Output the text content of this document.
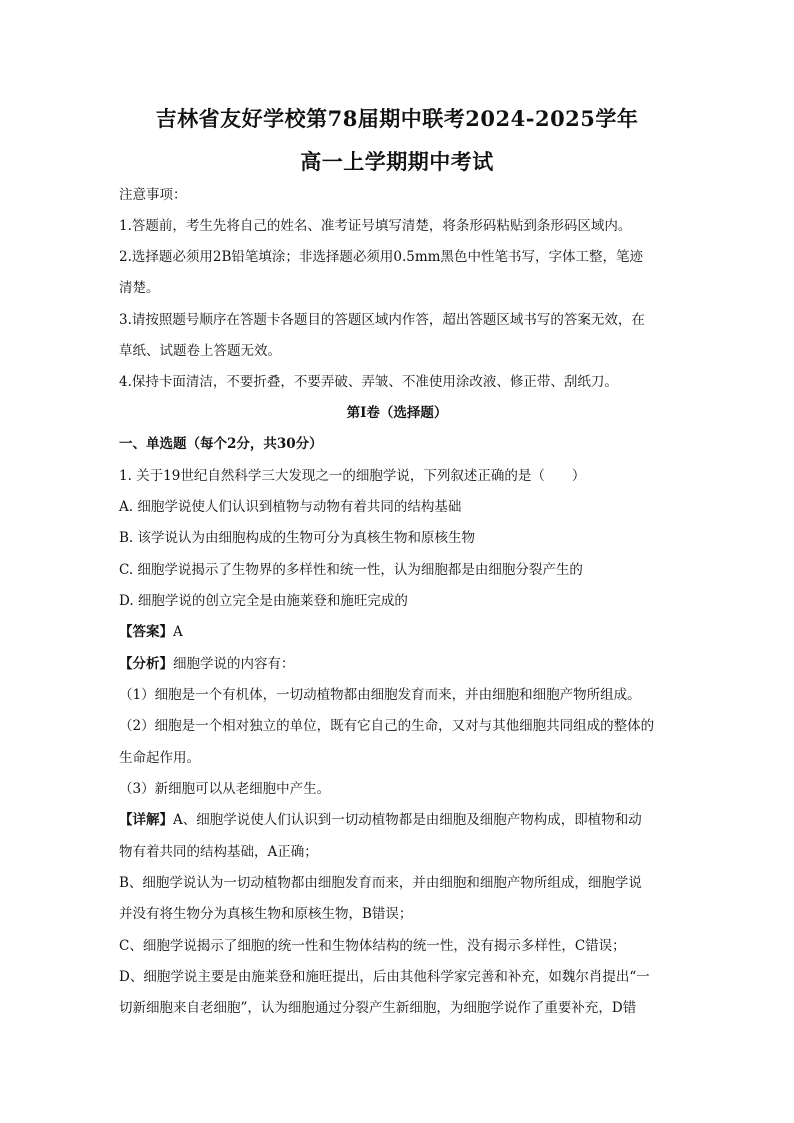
吉林省友好学校第78届期中联考2024-2025学年
高一上学期期中考试
注意事项：
1.答题前，考生先将自己的姓名、准考证号填写清楚，将条形码粘贴到条形码区域内。
2.选择题必须用2B铅笔填涂；非选择题必须用0.5mm黑色中性笔书写，字体工整，笔迹
清楚。
3.请按照题号顺序在答题卡各题目的答题区域内作答，超出答题区域书写的答案无效，在
草纸、试题卷上答题无效。
4.保持卡面清洁，不要折叠，不要弄破、弄皱、不准使用涂改液、修正带、刮纸刀。
第I卷（选择题）
一、单选题（每个2分，共30分）
1. 关于19世纪自然科学三大发现之一的细胞学说，下列叙述正确的是（　　）
A. 细胞学说使人们认识到植物与动物有着共同的结构基础
B. 该学说认为由细胞构成的生物可分为真核生物和原核生物
C. 细胞学说揭示了生物界的多样性和统一性，认为细胞都是由细胞分裂产生的
D. 细胞学说的创立完全是由施莱登和施旺完成的
【答案】A
【分析】细胞学说的内容有：
（1）细胞是一个有机体，一切动植物都由细胞发育而来，并由细胞和细胞产物所组成。
（2）细胞是一个相对独立的单位，既有它自己的生命，又对与其他细胞共同组成的整体的
生命起作用。
（3）新细胞可以从老细胞中产生。
【详解】A、细胞学说使人们认识到一切动植物都是由细胞及细胞产物构成，即植物和动
物有着共同的结构基础，A正确；
B、细胞学说认为一切动植物都由细胞发育而来，并由细胞和细胞产物所组成，细胞学说
并没有将生物分为真核生物和原核生物，B错误；
C、细胞学说揭示了细胞的统一性和生物体结构的统一性，没有揭示多样性，C错误；
D、细胞学说主要是由施莱登和施旺提出，后由其他科学家完善和补充，如魏尔肖提出“一
切新细胞来自老细胞”，认为细胞通过分裂产生新细胞，为细胞学说作了重要补充，D错
